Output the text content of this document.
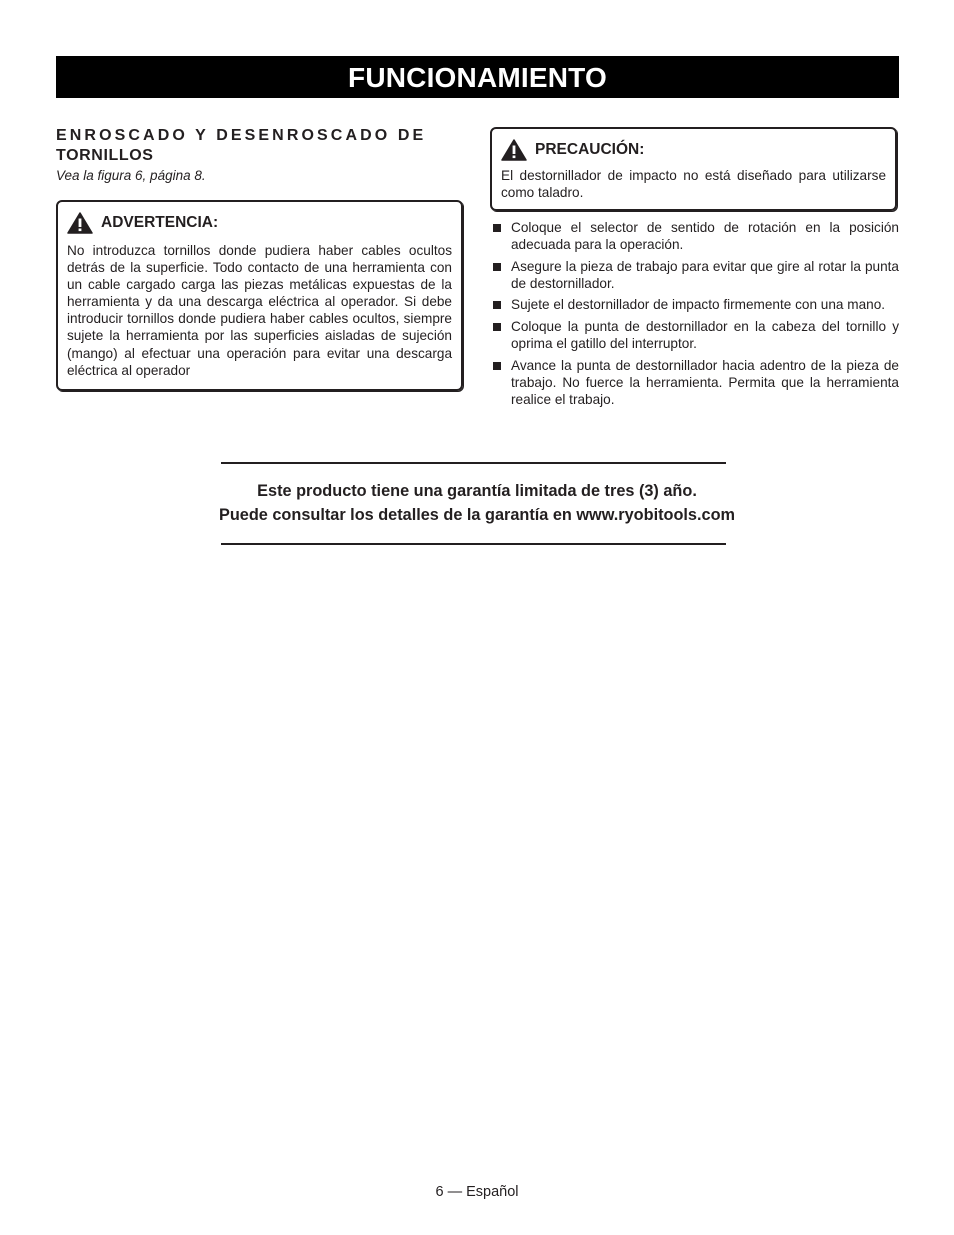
FUNCIONAMIENTO
ENROSCADO Y DESENROSCADO DE
TORNILLOS
Vea la figura 6, página 8.
ADVERTENCIA:

No introduzca tornillos donde pudiera haber cables ocultos detrás de la superficie. Todo contacto de una herramienta con un cable cargado carga las piezas metálicas expuestas de la herramienta y da una descarga eléctrica al operador. Si debe introducir tornillos donde pudiera haber cables ocultos, siempre sujete la herramienta por las superficies aisladas de sujeción (mango) al efectuar una operación para evitar una descarga eléctrica al operador

PRECAUCIÓN:

El destornillador de impacto no está diseñado para utilizarse como taladro.

Coloque el selector de sentido de rotación en la posición adecuada para la operación.
Asegure la pieza de trabajo para evitar que gire al rotar la punta de destornillador.
Sujete el destornillador de impacto firmemente con una mano.
Coloque la punta de destornillador en la cabeza del tornillo y oprima el gatillo del interruptor.
Avance la punta de destornillador hacia adentro de la pieza de trabajo. No fuerce la herramienta. Permita que la herramienta realice el trabajo.
Este producto tiene una garantía limitada de tres (3) año.
Puede consultar los detalles de la garantía en www.ryobitools.com
6 — Español
